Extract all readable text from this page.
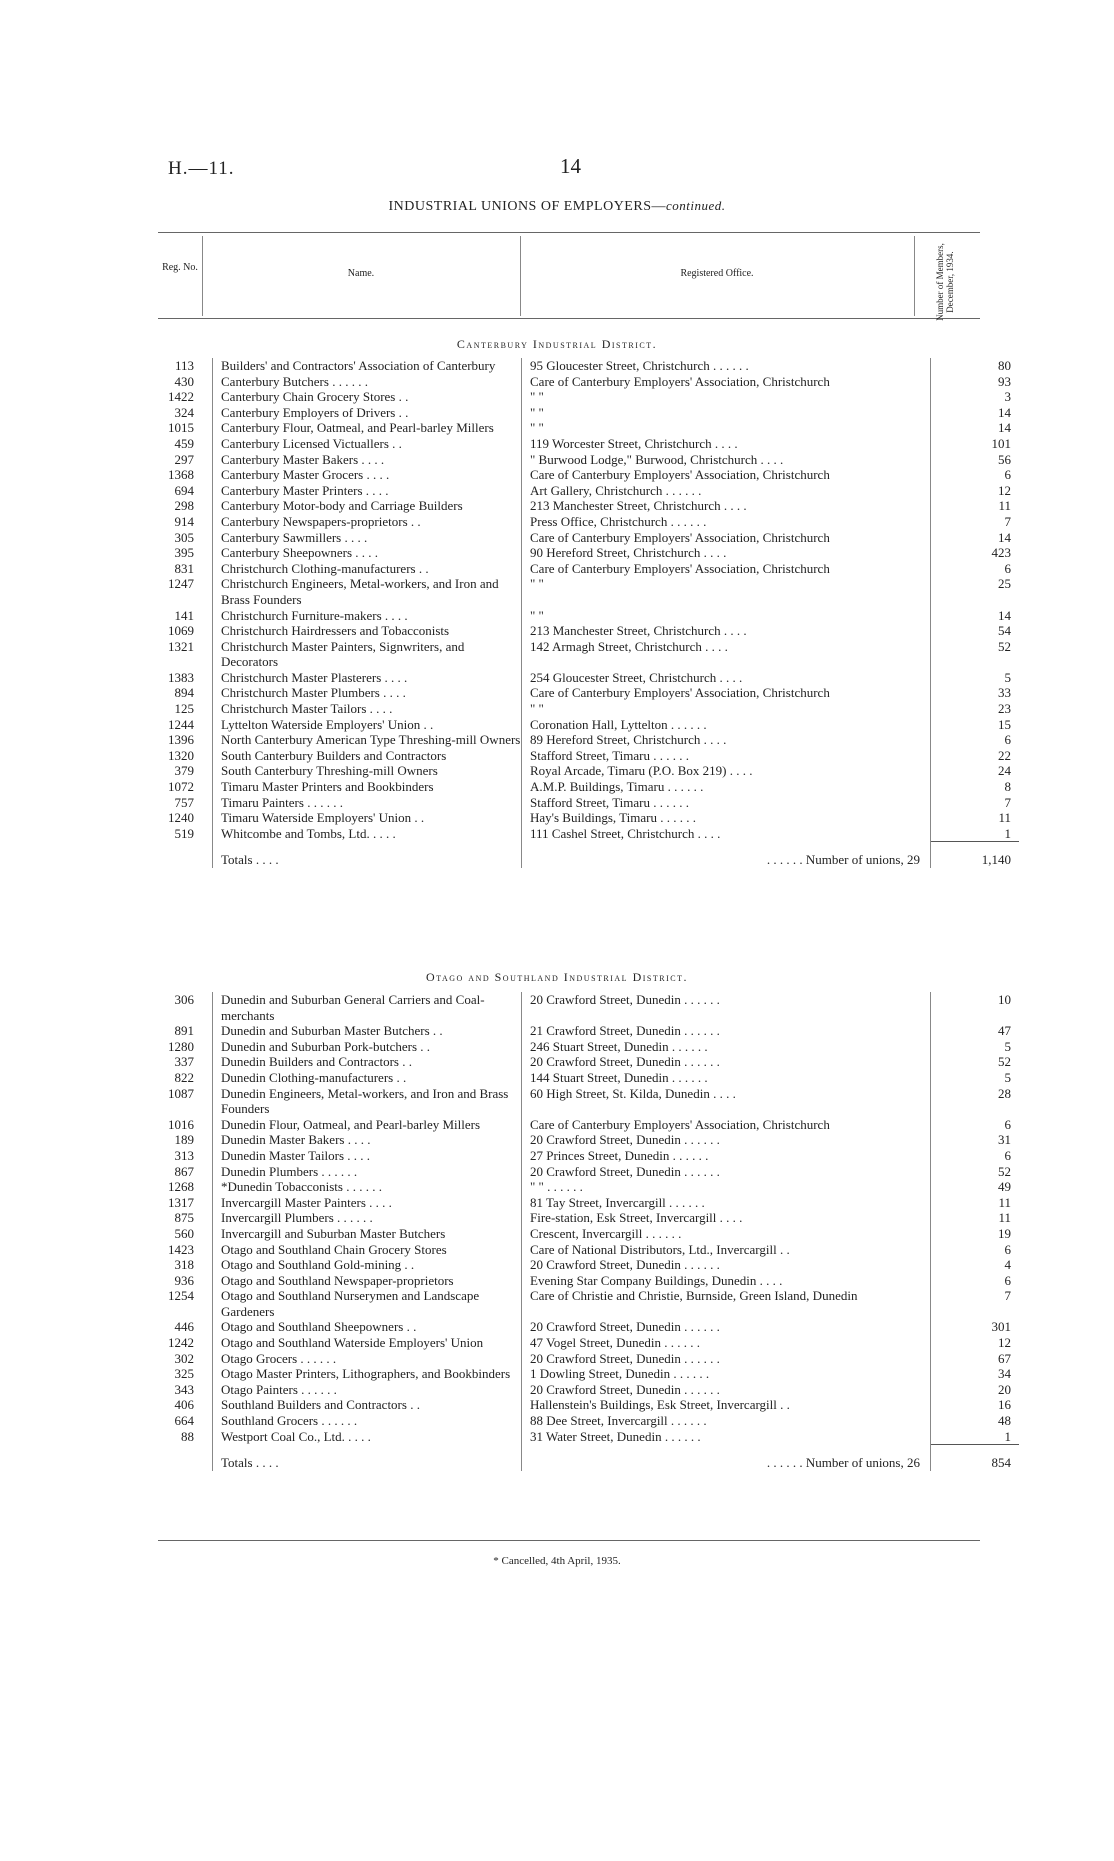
H.—11.	14
INDUSTRIAL UNIONS OF EMPLOYERS—continued.
Reg. No.
Name.	Registered Office.	Number of Members, December, 1934.
Canterbury Industrial District.
113	Builders' and Contractors' Association of Canterbury	95 Gloucester Street, Christchurch . . . . . .	80
430	Canterbury Butchers . . . . . .	Care of Canterbury Employers' Association, Christchurch	93
1422	Canterbury Chain Grocery Stores . .	" "	3
324	Canterbury Employers of Drivers . .	" "	14
1015	Canterbury Flour, Oatmeal, and Pearl-barley Millers	" "	14
459	Canterbury Licensed Victuallers . .	119 Worcester Street, Christchurch . . . .	101
297	Canterbury Master Bakers . . . .	" Burwood Lodge," Burwood, Christchurch . . . .	56
1368	Canterbury Master Grocers . . . .	Care of Canterbury Employers' Association, Christchurch	6
694	Canterbury Master Printers . . . .	Art Gallery, Christchurch . . . . . .	12
298	Canterbury Motor-body and Carriage Builders	213 Manchester Street, Christchurch . . . .	11
914	Canterbury Newspapers-proprietors . .	Press Office, Christchurch . . . . . .	7
305	Canterbury Sawmillers . . . .	Care of Canterbury Employers' Association, Christchurch	14
395	Canterbury Sheepowners . . . .	90 Hereford Street, Christchurch . . . .	423
831	Christchurch Clothing-manufacturers . .	Care of Canterbury Employers' Association, Christchurch	6
1247	Christchurch Engineers, Metal-workers, and Iron and Brass Founders	" "	25
141	Christchurch Furniture-makers . . . .	" "	14
1069	Christchurch Hairdressers and Tobacconists	213 Manchester Street, Christchurch . . . .	54
1321	Christchurch Master Painters, Signwriters, and Decorators	142 Armagh Street, Christchurch . . . .	52
1383	Christchurch Master Plasterers . . . .	254 Gloucester Street, Christchurch . . . .	5
894	Christchurch Master Plumbers . . . .	Care of Canterbury Employers' Association, Christchurch	33
125	Christchurch Master Tailors . . . .	" "	23
1244	Lyttelton Waterside Employers' Union . .	Coronation Hall, Lyttelton . . . . . .	15
1396	North Canterbury American Type Threshing-mill Owners	89 Hereford Street, Christchurch . . . .	6
1320	South Canterbury Builders and Contractors	Stafford Street, Timaru . . . . . .	22
379	South Canterbury Threshing-mill Owners	Royal Arcade, Timaru (P.O. Box 219) . . . .	24
1072	Timaru Master Printers and Bookbinders	A.M.P. Buildings, Timaru . . . . . .	8
757	Timaru Painters . . . . . .	Stafford Street, Timaru . . . . . .	7
1240	Timaru Waterside Employers' Union . .	Hay's Buildings, Timaru . . . . . .	11
519	Whitcombe and Tombs, Ltd. . . . .	111 Cashel Street, Christchurch . . . .	1
	Totals . . . .	. . . . . . Number of unions, 29	1,140
Otago and Southland Industrial District.
306	Dunedin and Suburban General Carriers and Coal-merchants	20 Crawford Street, Dunedin . . . . . .	10
891	Dunedin and Suburban Master Butchers . .	21 Crawford Street, Dunedin . . . . . .	47
1280	Dunedin and Suburban Pork-butchers . .	246 Stuart Street, Dunedin . . . . . .	5
337	Dunedin Builders and Contractors . .	20 Crawford Street, Dunedin . . . . . .	52
822	Dunedin Clothing-manufacturers . .	144 Stuart Street, Dunedin . . . . . .	5
1087	Dunedin Engineers, Metal-workers, and Iron and Brass Founders	60 High Street, St. Kilda, Dunedin . . . .	28
1016	Dunedin Flour, Oatmeal, and Pearl-barley Millers	Care of Canterbury Employers' Association, Christchurch	6
189	Dunedin Master Bakers . . . .	20 Crawford Street, Dunedin . . . . . .	31
313	Dunedin Master Tailors . . . .	27 Princes Street, Dunedin . . . . . .	6
867	Dunedin Plumbers . . . . . .	20 Crawford Street, Dunedin . . . . . .	52
1268	*Dunedin Tobacconists . . . . . .	" " . . . . . .	49
1317	Invercargill Master Painters . . . .	81 Tay Street, Invercargill . . . . . .	11
875	Invercargill Plumbers . . . . . .	Fire-station, Esk Street, Invercargill . . . .	11
560	Invercargill and Suburban Master Butchers	Crescent, Invercargill . . . . . .	19
1423	Otago and Southland Chain Grocery Stores	Care of National Distributors, Ltd., Invercargill . .	6
318	Otago and Southland Gold-mining . .	20 Crawford Street, Dunedin . . . . . .	4
936	Otago and Southland Newspaper-proprietors	Evening Star Company Buildings, Dunedin . . . .	6
1254	Otago and Southland Nurserymen and Landscape Gardeners	Care of Christie and Christie, Burnside, Green Island, Dunedin	7
446	Otago and Southland Sheepowners . .	20 Crawford Street, Dunedin . . . . . .	301
1242	Otago and Southland Waterside Employers' Union	47 Vogel Street, Dunedin . . . . . .	12
302	Otago Grocers . . . . . .	20 Crawford Street, Dunedin . . . . . .	67
325	Otago Master Printers, Lithographers, and Bookbinders	1 Dowling Street, Dunedin . . . . . .	34
343	Otago Painters . . . . . .	20 Crawford Street, Dunedin . . . . . .	20
406	Southland Builders and Contractors . .	Hallenstein's Buildings, Esk Street, Invercargill . .	16
664	Southland Grocers . . . . . .	88 Dee Street, Invercargill . . . . . .	48
88	Westport Coal Co., Ltd. . . . .	31 Water Street, Dunedin . . . . . .	1
	Totals . . . .	. . . . . . Number of unions, 26	854
* Cancelled, 4th April, 1935.
